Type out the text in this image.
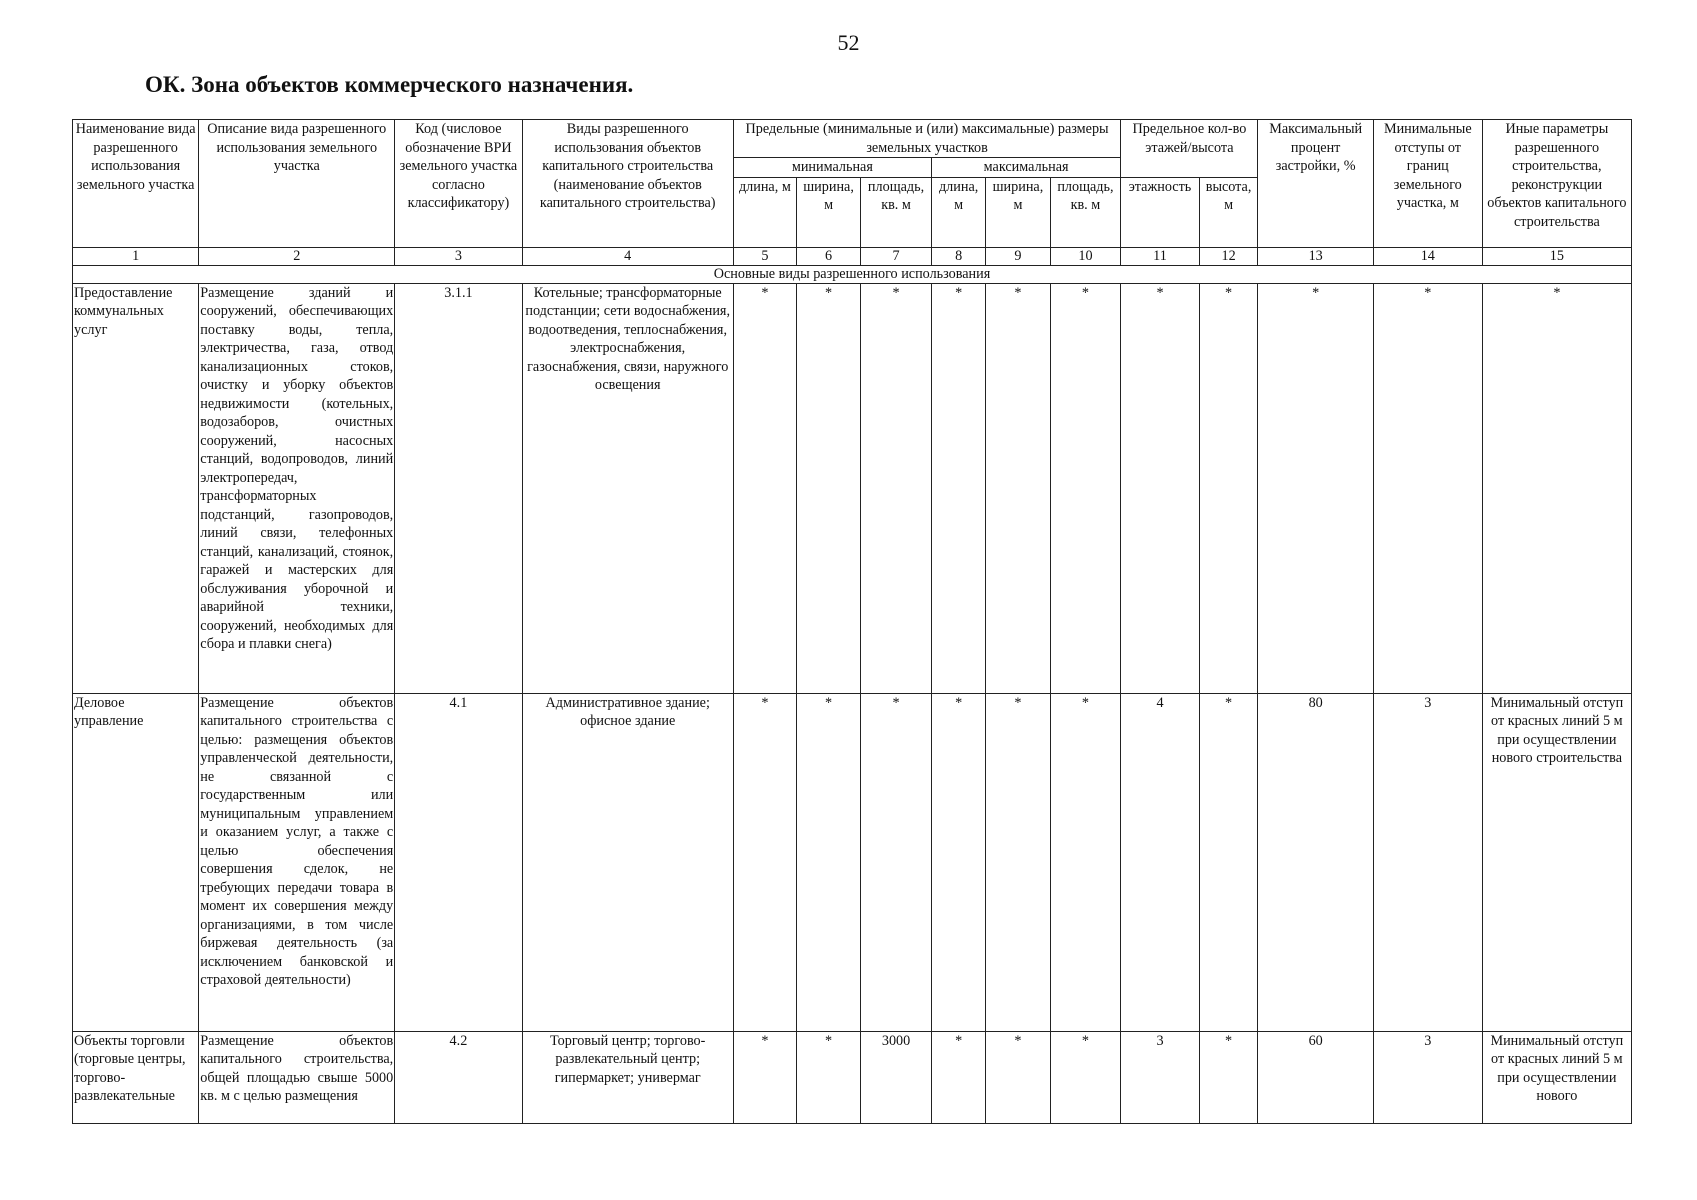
52
ОК. Зона объектов коммерческого назначения.
Наименование вида разрешенного использования земельного участка	Описание вида разрешенного использования земельного участка	Код (числовое обозначение ВРИ земельного участка согласно классификатору)	Виды разрешенного использования объектов капитального строительства (наименование объектов капитального строительства)	Предельные (минимальные и (или) максимальные) размеры земельных участков						Предельное кол-во этажей/высота		Максимальный процент застройки, %	Минимальные отступы от границ земельного участка, м	Иные параметры разрешенного строительства, реконструкции объектов капитального строительства
				минимальная			максимальная							
				длина, м	ширина, м	площадь, кв. м	длина, м	ширина, м	площадь, кв. м	этажность	высота, м			
1	2	3	4	5	6	7	8	9	10	11	12	13	14	15
Основные виды разрешенного использования														
Предоставление коммунальных услуг	Размещение зданий и сооружений, обеспечивающих поставку воды, тепла, электричества, газа, отвод канализационных стоков, очистку и уборку объектов недвижимости (котельных, водозаборов, очистных сооружений, насосных станций, водопроводов, линий электропередач, трансформаторных подстанций, газопроводов, линий связи, телефонных станций, канализаций, стоянок, гаражей и мастерских для обслуживания уборочной и аварийной техники, сооружений, необходимых для сбора и плавки снега)	3.1.1	Котельные; трансформаторные подстанции; сети водоснабжения, водоотведения, теплоснабжения, электроснабжения, газоснабжения, связи, наружного освещения	*	*	*	*	*	*	*	*	*	*	*
Деловое управление	Размещение объектов капитального строительства с целью: размещения объектов управленческой деятельности, не связанной с государственным или муниципальным управлением и оказанием услуг, а также с целью обеспечения совершения сделок, не требующих передачи товара в момент их совершения между организациями, в том числе биржевая деятельность (за исключением банковской и страховой деятельности)	4.1	Административное здание; офисное здание	*	*	*	*	*	*	4	*	80	3	Минимальный отступ от красных линий 5 м при осуществлении нового строительства
Объекты торговли (торговые центры, торгово-развлекательные	Размещение объектов капитального строительства, общей площадью свыше 5000 кв. м с целью размещения	4.2	Торговый центр; торгово-развлекательный центр; гипермаркет; универмаг	*	*	3000	*	*	*	3	*	60	3	Минимальный отступ от красных линий 5 м при осуществлении нового
